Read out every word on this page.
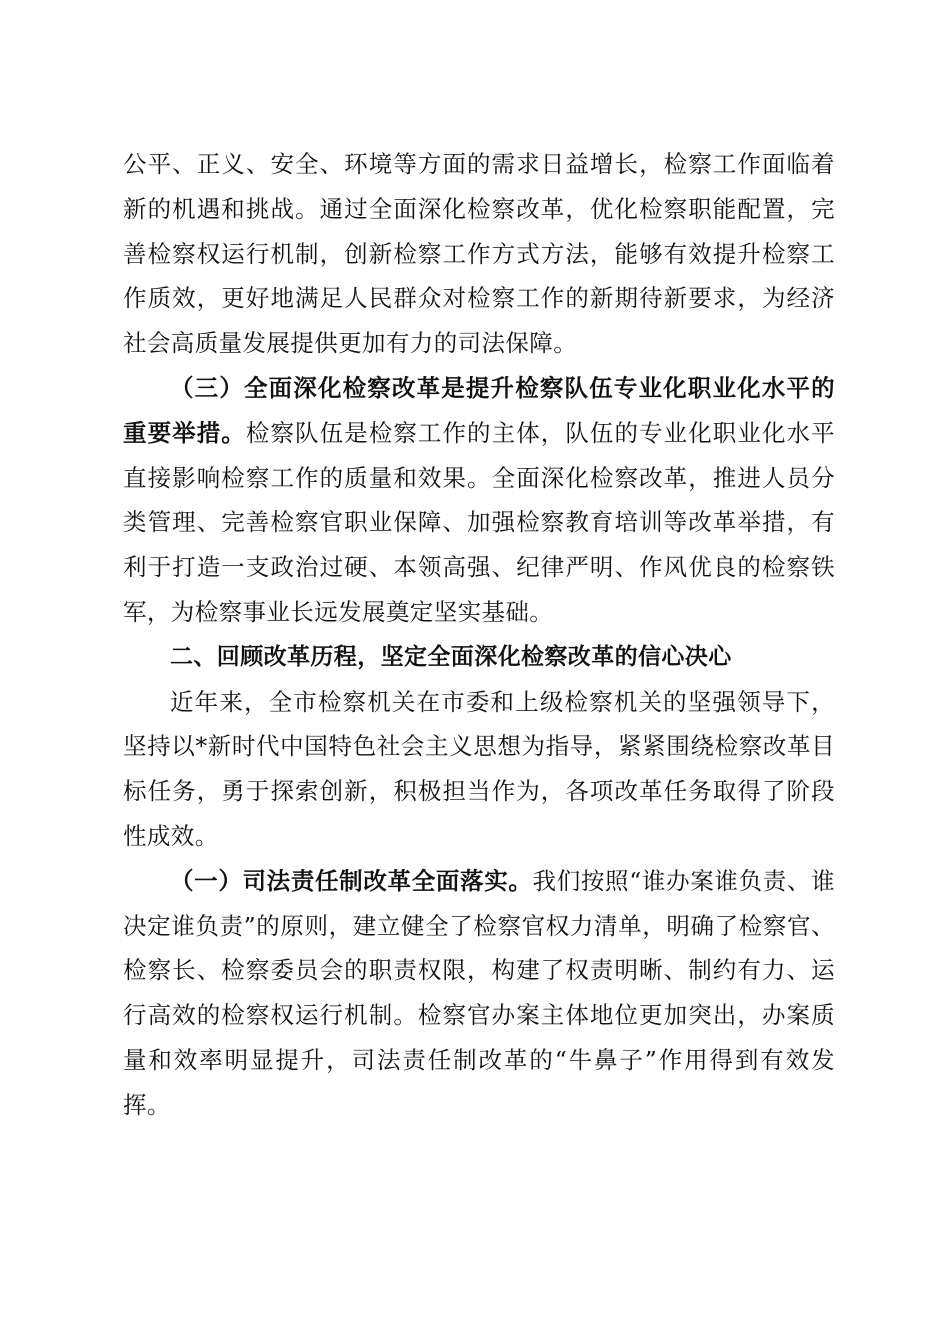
公平、正义、安全、环境等方面的需求日益增长，检察工作面临着新的机遇和挑战。通过全面深化检察改革，优化检察职能配置，完善检察权运行机制，创新检察工作方式方法，能够有效提升检察工作质效，更好地满足人民群众对检察工作的新期待新要求，为经济社会高质量发展提供更加有力的司法保障。

（三）全面深化检察改革是提升检察队伍专业化职业化水平的重要举措。检察队伍是检察工作的主体，队伍的专业化职业化水平直接影响检察工作的质量和效果。全面深化检察改革，推进人员分类管理、完善检察官职业保障、加强检察教育培训等改革举措，有利于打造一支政治过硬、本领高强、纪律严明、作风优良的检察铁军，为检察事业长远发展奠定坚实基础。

二、回顾改革历程，坚定全面深化检察改革的信心决心

近年来，全市检察机关在市委和上级检察机关的坚强领导下，坚持以*新时代中国特色社会主义思想为指导，紧紧围绕检察改革目标任务，勇于探索创新，积极担当作为，各项改革任务取得了阶段性成效。

（一）司法责任制改革全面落实。我们按照“谁办案谁负责、谁决定谁负责”的原则，建立健全了检察官权力清单，明确了检察官、检察长、检察委员会的职责权限，构建了权责明晰、制约有力、运行高效的检察权运行机制。检察官办案主体地位更加突出，办案质量和效率明显提升，司法责任制改革的“牛鼻子”作用得到有效发挥。
